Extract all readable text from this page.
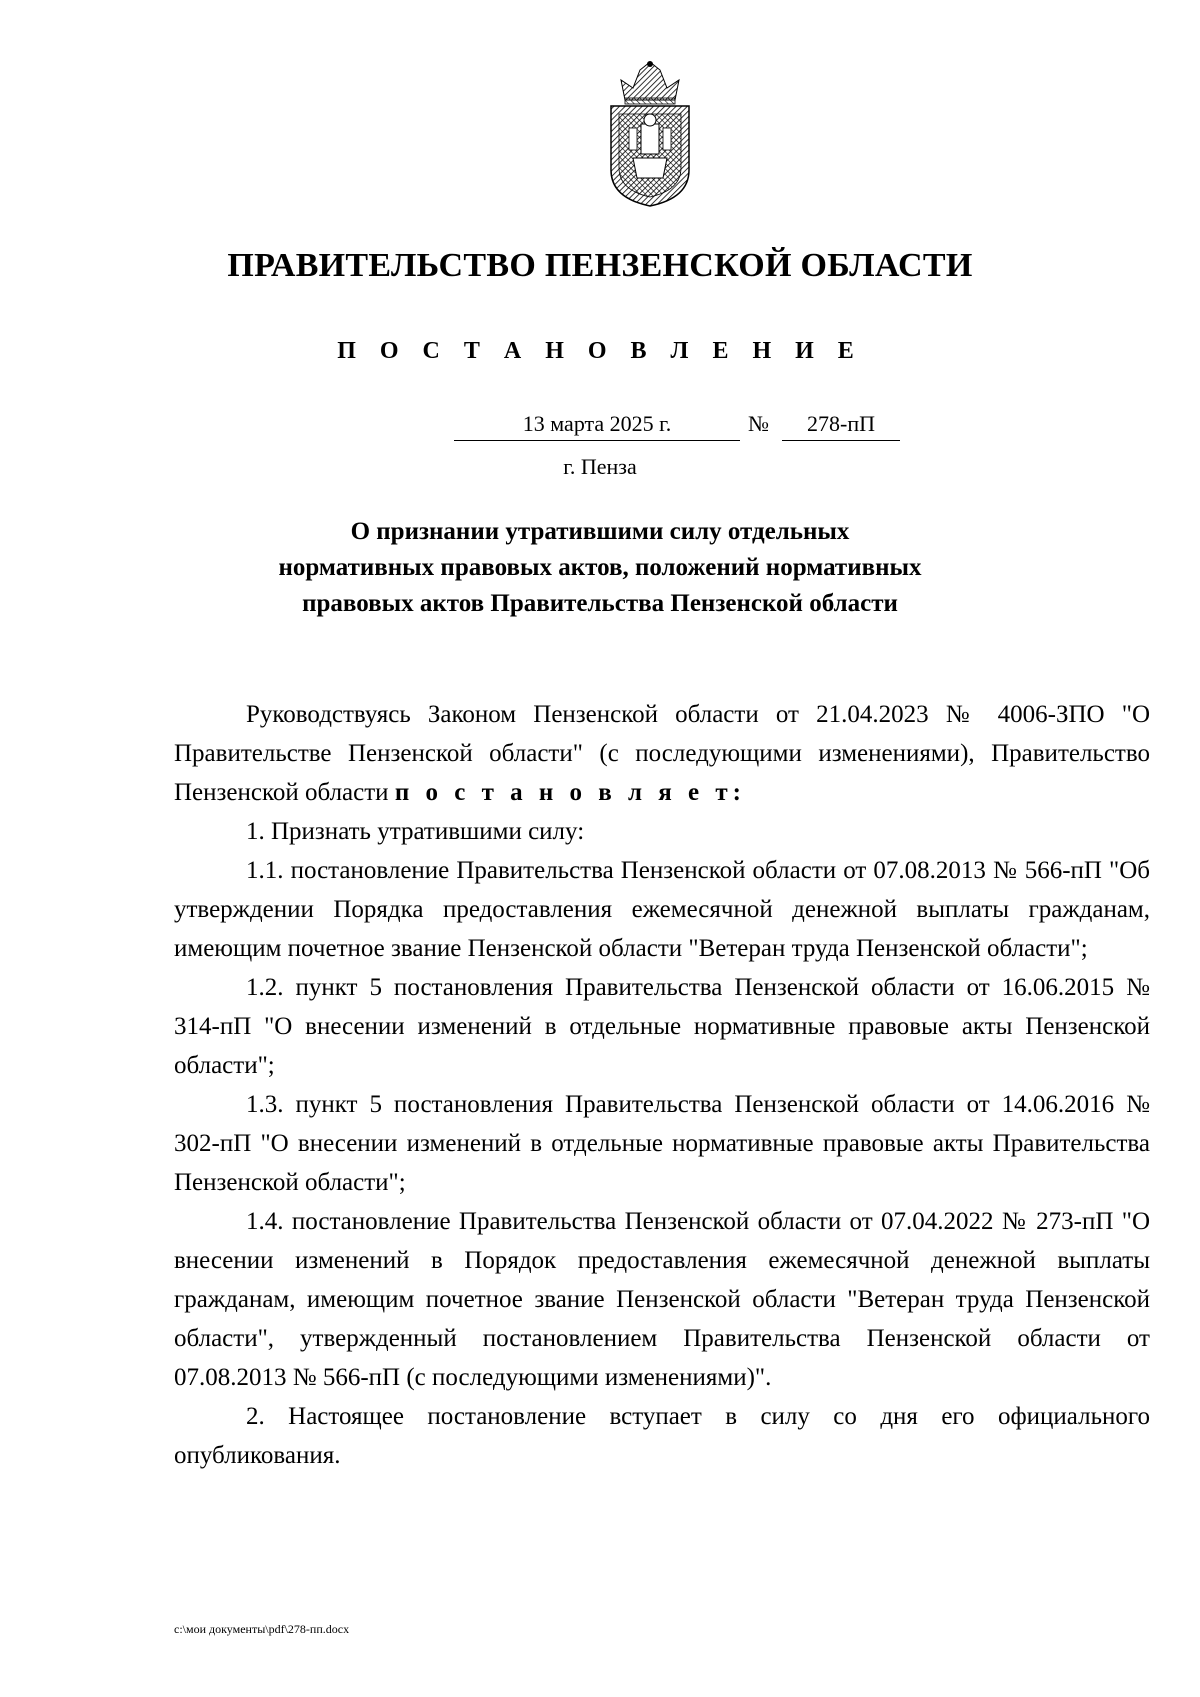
ПРАВИТЕЛЬСТВО ПЕНЗЕНСКОЙ ОБЛАСТИ
П О С Т А Н О В Л Е Н И Е
13 марта 2025 г.	№	278-пП
г. Пенза
О признании утратившими силу отдельных
нормативных правовых актов, положений нормативных
правовых актов Правительства Пензенской области

Руководствуясь Законом Пензенской области от 21.04.2023 № 4006-ЗПО "О Правительстве Пензенской области" (с последующими изменениями), Правительство Пензенской области п о с т а н о в л я е т:

1. Признать утратившими силу:

1.1. постановление Правительства Пензенской области от 07.08.2013 № 566-пП "Об утверждении Порядка предоставления ежемесячной денежной выплаты гражданам, имеющим почетное звание Пензенской области "Ветеран труда Пензенской области";

1.2. пункт 5 постановления Правительства Пензенской области от 16.06.2015 № 314-пП "О внесении изменений в отдельные нормативные правовые акты Пензенской области";

1.3. пункт 5 постановления Правительства Пензенской области от 14.06.2016 № 302-пП "О внесении изменений в отдельные нормативные правовые акты Правительства Пензенской области";

1.4. постановление Правительства Пензенской области от 07.04.2022 № 273-пП "О внесении изменений в Порядок предоставления ежемесячной денежной выплаты гражданам, имеющим почетное звание Пензенской области "Ветеран труда Пензенской области", утвержденный постановлением Правительства Пензенской области от 07.08.2013 № 566-пП (с последующими изменениями)".

2. Настоящее постановление вступает в силу со дня его официального опубликования.

c:\мои документы\pdf\278-пп.docx
